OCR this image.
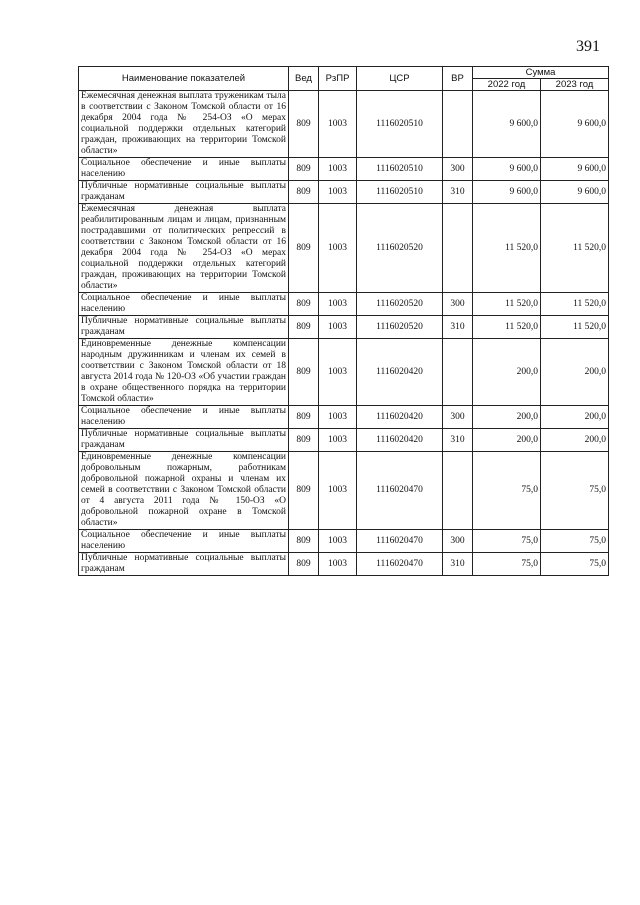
391
Наименование показателей	Вед	РзПР	ЦСР	ВР	Сумма	
					2022 год	2023 год
Ежемесячная денежная выплата труженикам тыла в соответствии с Законом Томской области от 16 декабря 2004 года № 254-ОЗ «О мерах социальной поддержки отдельных категорий граждан, проживающих на территории Томской области»	809	1003	1116020510		9 600,0	9 600,0
Социальное обеспечение и иные выплаты населению	809	1003	1116020510	300	9 600,0	9 600,0
Публичные нормативные социальные выплаты гражданам	809	1003	1116020510	310	9 600,0	9 600,0
Ежемесячная денежная выплата реабилитированным лицам и лицам, признанным пострадавшими от политических репрессий в соответствии с Законом Томской области от 16 декабря 2004 года № 254-ОЗ «О мерах социальной поддержки отдельных категорий граждан, проживающих на территории Томской области»	809	1003	1116020520		11 520,0	11 520,0
Социальное обеспечение и иные выплаты населению	809	1003	1116020520	300	11 520,0	11 520,0
Публичные нормативные социальные выплаты гражданам	809	1003	1116020520	310	11 520,0	11 520,0
Единовременные денежные компенсации народным дружинникам и членам их семей в соответствии с Законом Томской области от 18 августа 2014 года № 120-ОЗ «Об участии граждан в охране общественного порядка на территории Томской области»	809	1003	1116020420		200,0	200,0
Социальное обеспечение и иные выплаты населению	809	1003	1116020420	300	200,0	200,0
Публичные нормативные социальные выплаты гражданам	809	1003	1116020420	310	200,0	200,0
Единовременные денежные компенсации добровольным пожарным, работникам добровольной пожарной охраны и членам их семей в соответствии с Законом Томской области от 4 августа 2011 года № 150-ОЗ «О добровольной пожарной охране в Томской области»	809	1003	1116020470		75,0	75,0
Социальное обеспечение и иные выплаты населению	809	1003	1116020470	300	75,0	75,0
Публичные нормативные социальные выплаты гражданам	809	1003	1116020470	310	75,0	75,0
